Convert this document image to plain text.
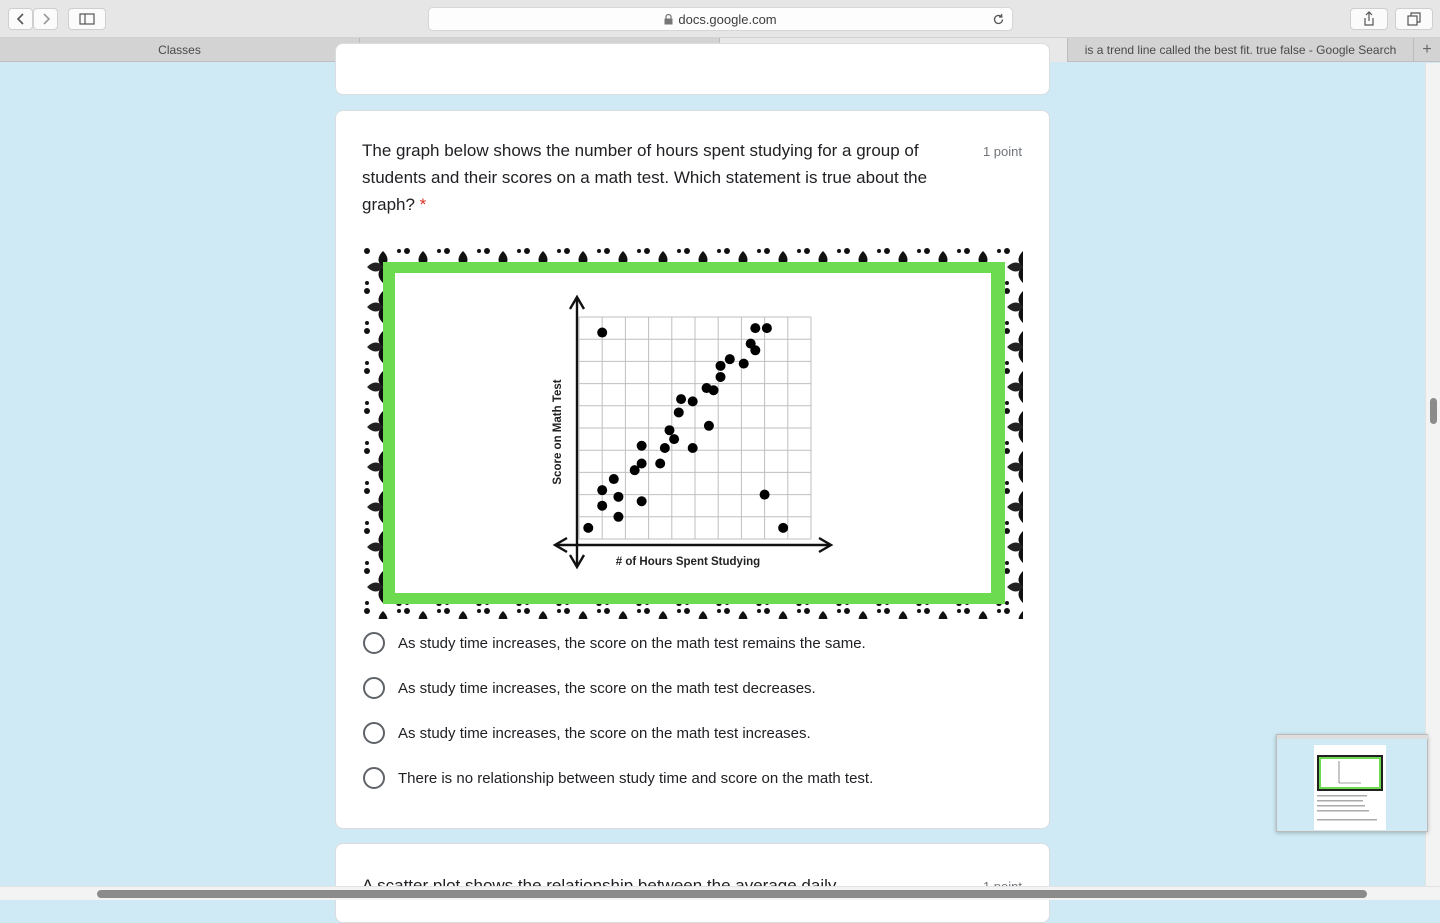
docs.google.com
Classes	is a trend line called the best fit. true false - Google Search	+
The graph below shows the number of hours spent studying for a group of students and their scores on a math test. Which statement is true about the graph? *
1 point
Score on Math Test
# of Hours Spent Studying
As study time increases, the score on the math test remains the same.
As study time increases, the score on the math test decreases.
As study time increases, the score on the math test increases.
There is no relationship between study time and score on the math test.
